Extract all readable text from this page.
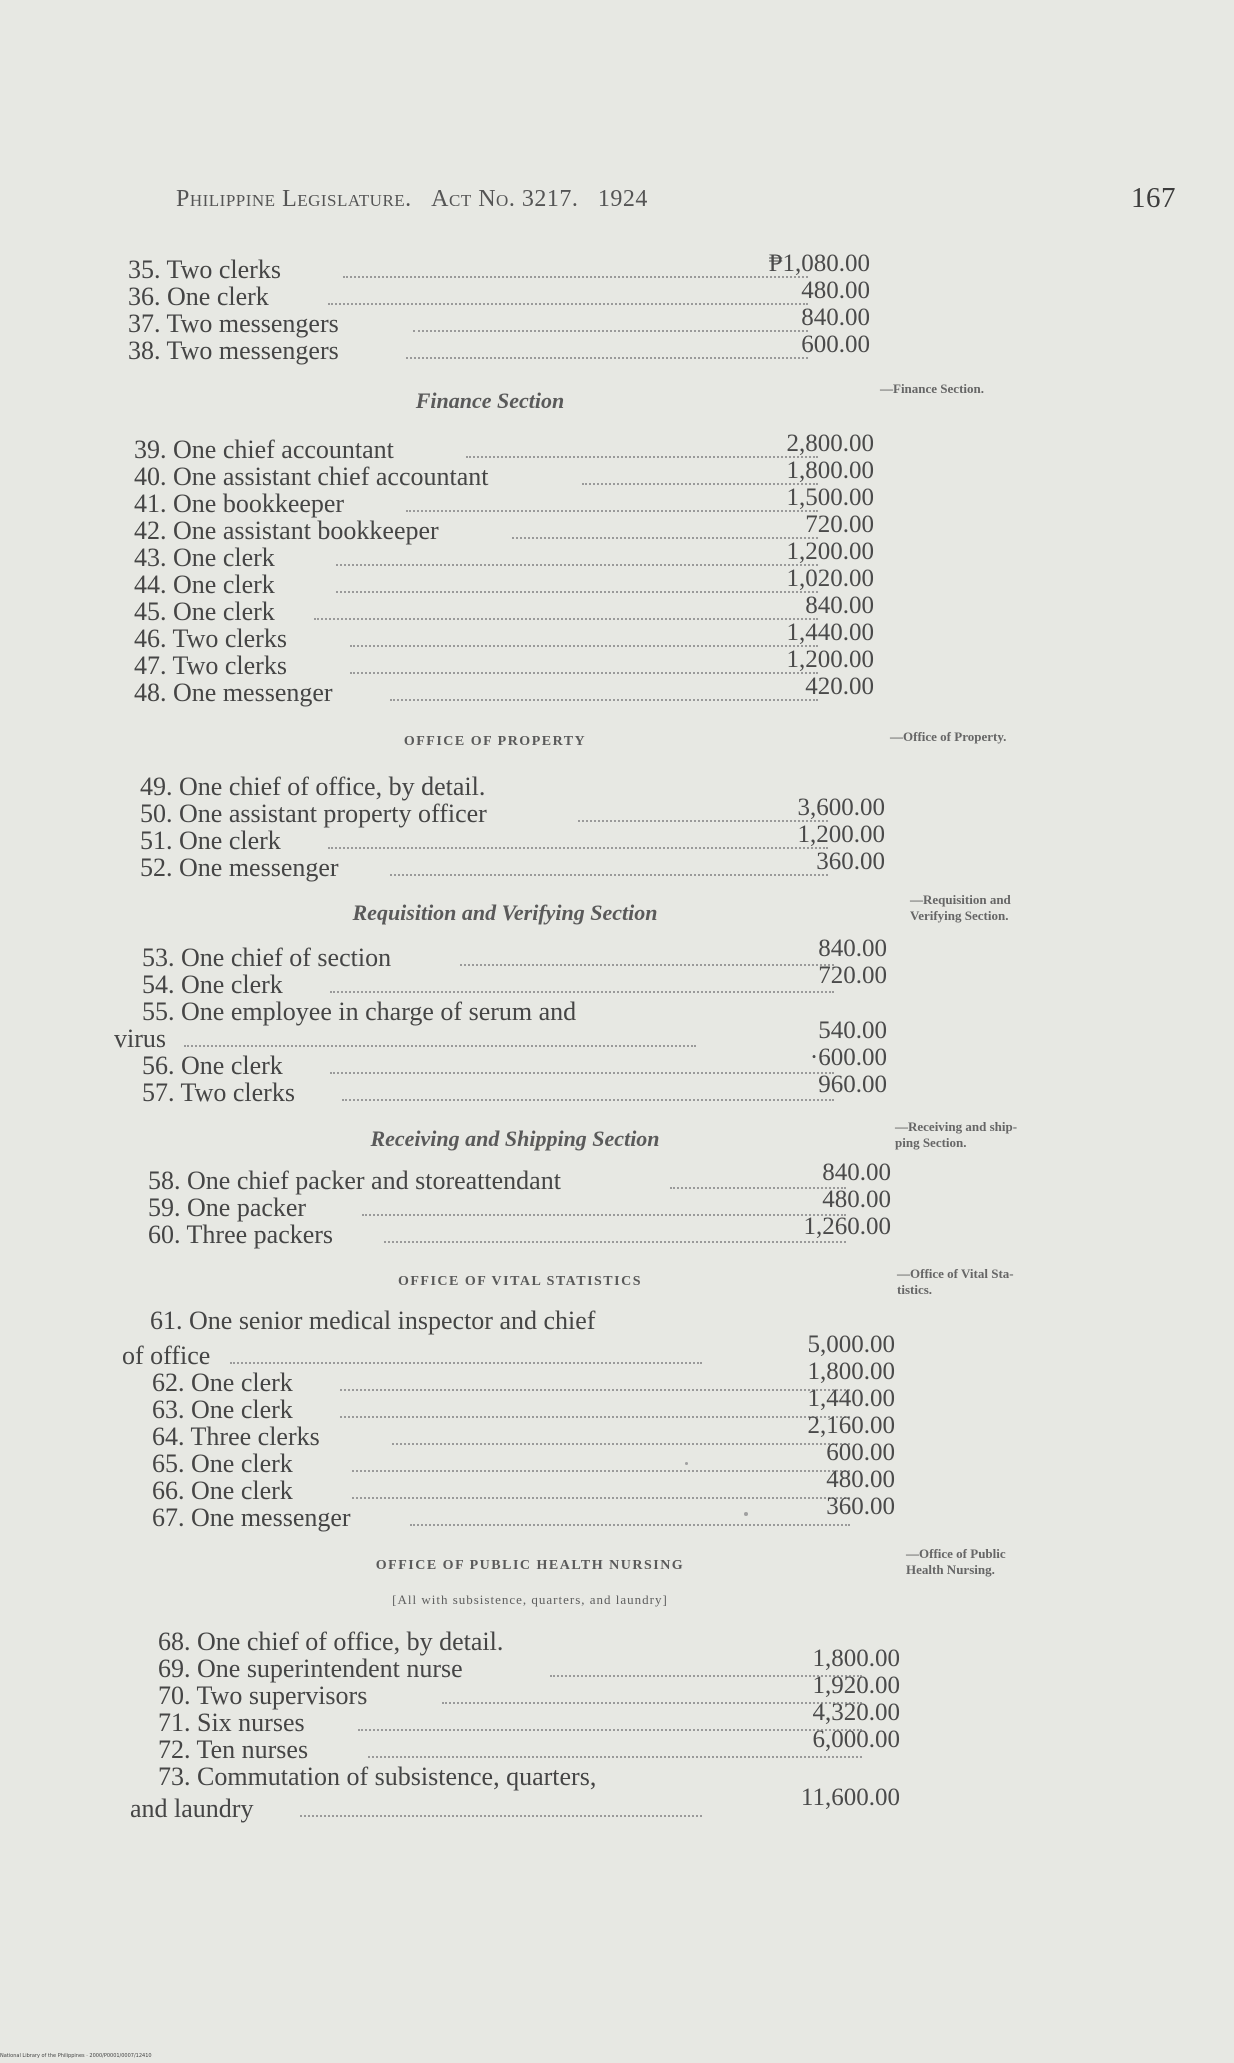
Philippine Legislature. Act No. 3217. 1924	167
35. Two clerks	₱1,080.00
36. One clerk	480.00
37. Two messengers	840.00
38. Two messengers	600.00
Finance Section	—Finance Section.
39. One chief accountant	2,800.00
40. One assistant chief accountant	1,800.00
41. One bookkeeper	1,500.00
42. One assistant bookkeeper	720.00
43. One clerk	1,200.00
44. One clerk	1,020.00
45. One clerk	840.00
46. Two clerks	1,440.00
47. Two clerks	1,200.00
48. One messenger	420.00
OFFICE OF PROPERTY	—Office of Property.
49. One chief of office, by detail.
50. One assistant property officer	3,600.00
51. One clerk	1,200.00
52. One messenger	360.00
Requisition and Verifying Section
—Requisition and
Verifying Section.
53. One chief of section	840.00
54. One clerk	720.00
55. One employee in charge of serum and
virus	540.00
56. One clerk	·600.00
57. Two clerks	960.00
Receiving and Shipping Section	—Receiving and ship-
ping Section.
58. One chief packer and storeattendant	840.00
59. One packer	480.00
60. Three packers	1,260.00
OFFICE OF VITAL STATISTICS
—Office of Vital Sta-
tistics.
61. One senior medical inspector and chief
of office	5,000.00
62. One clerk	1,800.00
63. One clerk	1,440.00
64. Three clerks	2,160.00
65. One clerk	600.00
66. One clerk	480.00
67. One messenger	360.00
OFFICE OF PUBLIC HEALTH NURSING
—Office of Public
Health Nursing.
[All with subsistence, quarters, and laundry]
68. One chief of office, by detail.
69. One superintendent nurse	1,800.00
70. Two supervisors	1,920.00
71. Six nurses	4,320.00
72. Ten nurses	6,000.00
73. Commutation of subsistence, quarters,
and laundry	11,600.00
National Library of the Philippines · 2000/P0001/0007/12410
